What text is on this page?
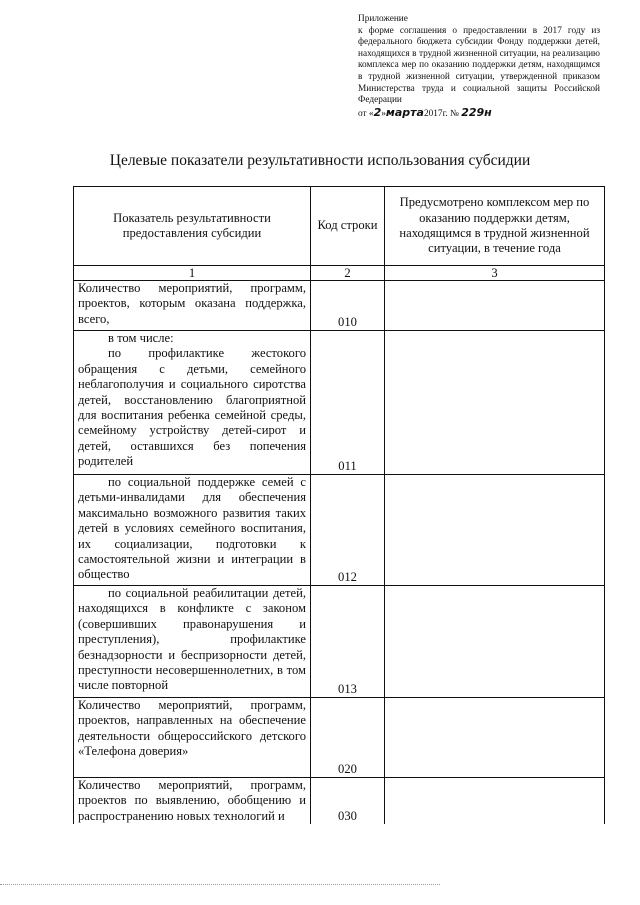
Приложение
к форме соглашения о предоставлении в 2017 году из федерального бюджета субсидии Фонду поддержки детей, находящихся в трудной жизненной ситуации, на реализацию комплекса мер по оказанию поддержки детям, находящимся в трудной жизненной ситуации, утвержденной приказом Министерства труда и социальной защиты Российской Федерации
от «2»марта2017г. № 229н
Целевые показатели результативности использования субсидии
Показатель результативности предоставления субсидии	Код строки	Предусмотрено комплексом мер по оказанию поддержки детям, находящимся в трудной жизненной ситуации, в течение года
1	2	3
Количество мероприятий, программ, проектов, которым оказана поддержка, всего,	010	

в том числе:
по профилактике жестокого обращения с детьми, семейного неблагополучия и социального сиротства детей, восстановлению благоприятной для воспитания ребенка семейной среды, семейному устройству детей-сирот и детей, оставшихся без попечения родителей	011	
по социальной поддержке семей с детьми-инвалидами для обеспечения максимально возможного развития таких детей в условиях семейного воспитания, их социализации, подготовки к самостоятельной жизни и интеграции в общество	012	
по социальной реабилитации детей, находящихся в конфликте с законом (совершивших правонарушения и преступления), профилактике безнадзорности и беспризорности детей, преступности несовершеннолетних, в том числе повторной	013	
Количество мероприятий, программ, проектов, направленных на обеспечение деятельности общероссийского детского «Телефона доверия»	020	
Количество мероприятий, программ, проектов по выявлению, обобщению и распространению новых технологий и	030	
